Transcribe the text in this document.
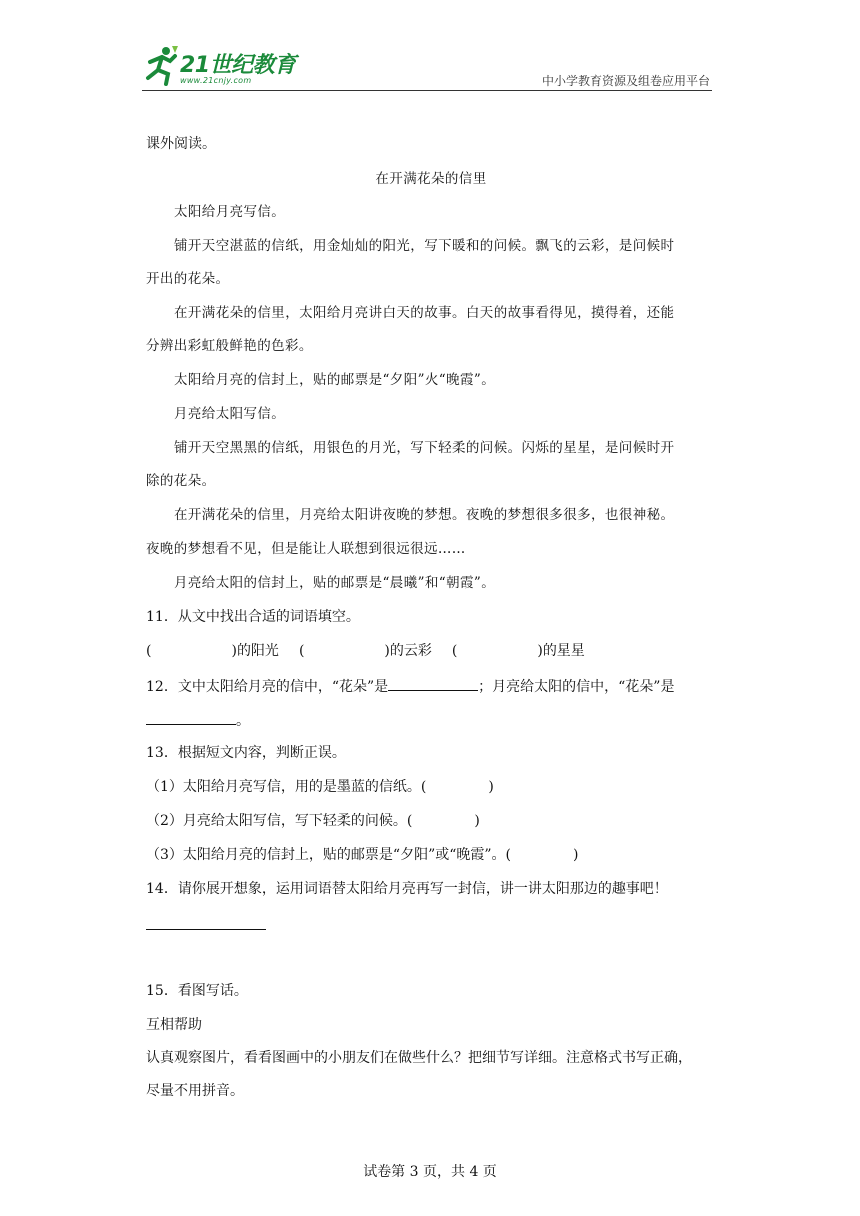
21世纪教育
www.21cnjy.com	中小学教育资源及组卷应用平台
课外阅读。
在开满花朵的信里
太阳给月亮写信。
铺开天空湛蓝的信纸，用金灿灿的阳光，写下暖和的问候。飘飞的云彩，是问候时
开出的花朵。
在开满花朵的信里，太阳给月亮讲白天的故事。白天的故事看得见，摸得着，还能
分辨出彩虹般鲜艳的色彩。
太阳给月亮的信封上，贴的邮票是“夕阳”火“晚霞”。
月亮给太阳写信。
铺开天空黑黑的信纸，用银色的月光，写下轻柔的问候。闪烁的星星，是问候时开
除的花朵。
在开满花朵的信里，月亮给太阳讲夜晚的梦想。夜晚的梦想很多很多，也很神秘。
夜晚的梦想看不见，但是能让人联想到很远很远……
月亮给太阳的信封上，贴的邮票是“晨曦”和“朝霞”。
11．从文中找出合适的词语填空。
(	)的阳光 (	)的云彩 (	)的星星
12．文中太阳给月亮的信中，“花朵”是	；月亮给太阳的信中，“花朵”是
。
13．根据短文内容，判断正误。
（1）太阳给月亮写信，用的是墨蓝的信纸。(	)
（2）月亮给太阳写信，写下轻柔的问候。(	)
（3）太阳给月亮的信封上，贴的邮票是“夕阳”或“晚霞”。(	)
14．请你展开想象，运用词语替太阳给月亮再写一封信，讲一讲太阳那边的趣事吧！
15．看图写话。
互相帮助
认真观察图片，看看图画中的小朋友们在做些什么？把细节写详细。注意格式书写正确，
尽量不用拼音。
试卷第 3 页，共 4 页
